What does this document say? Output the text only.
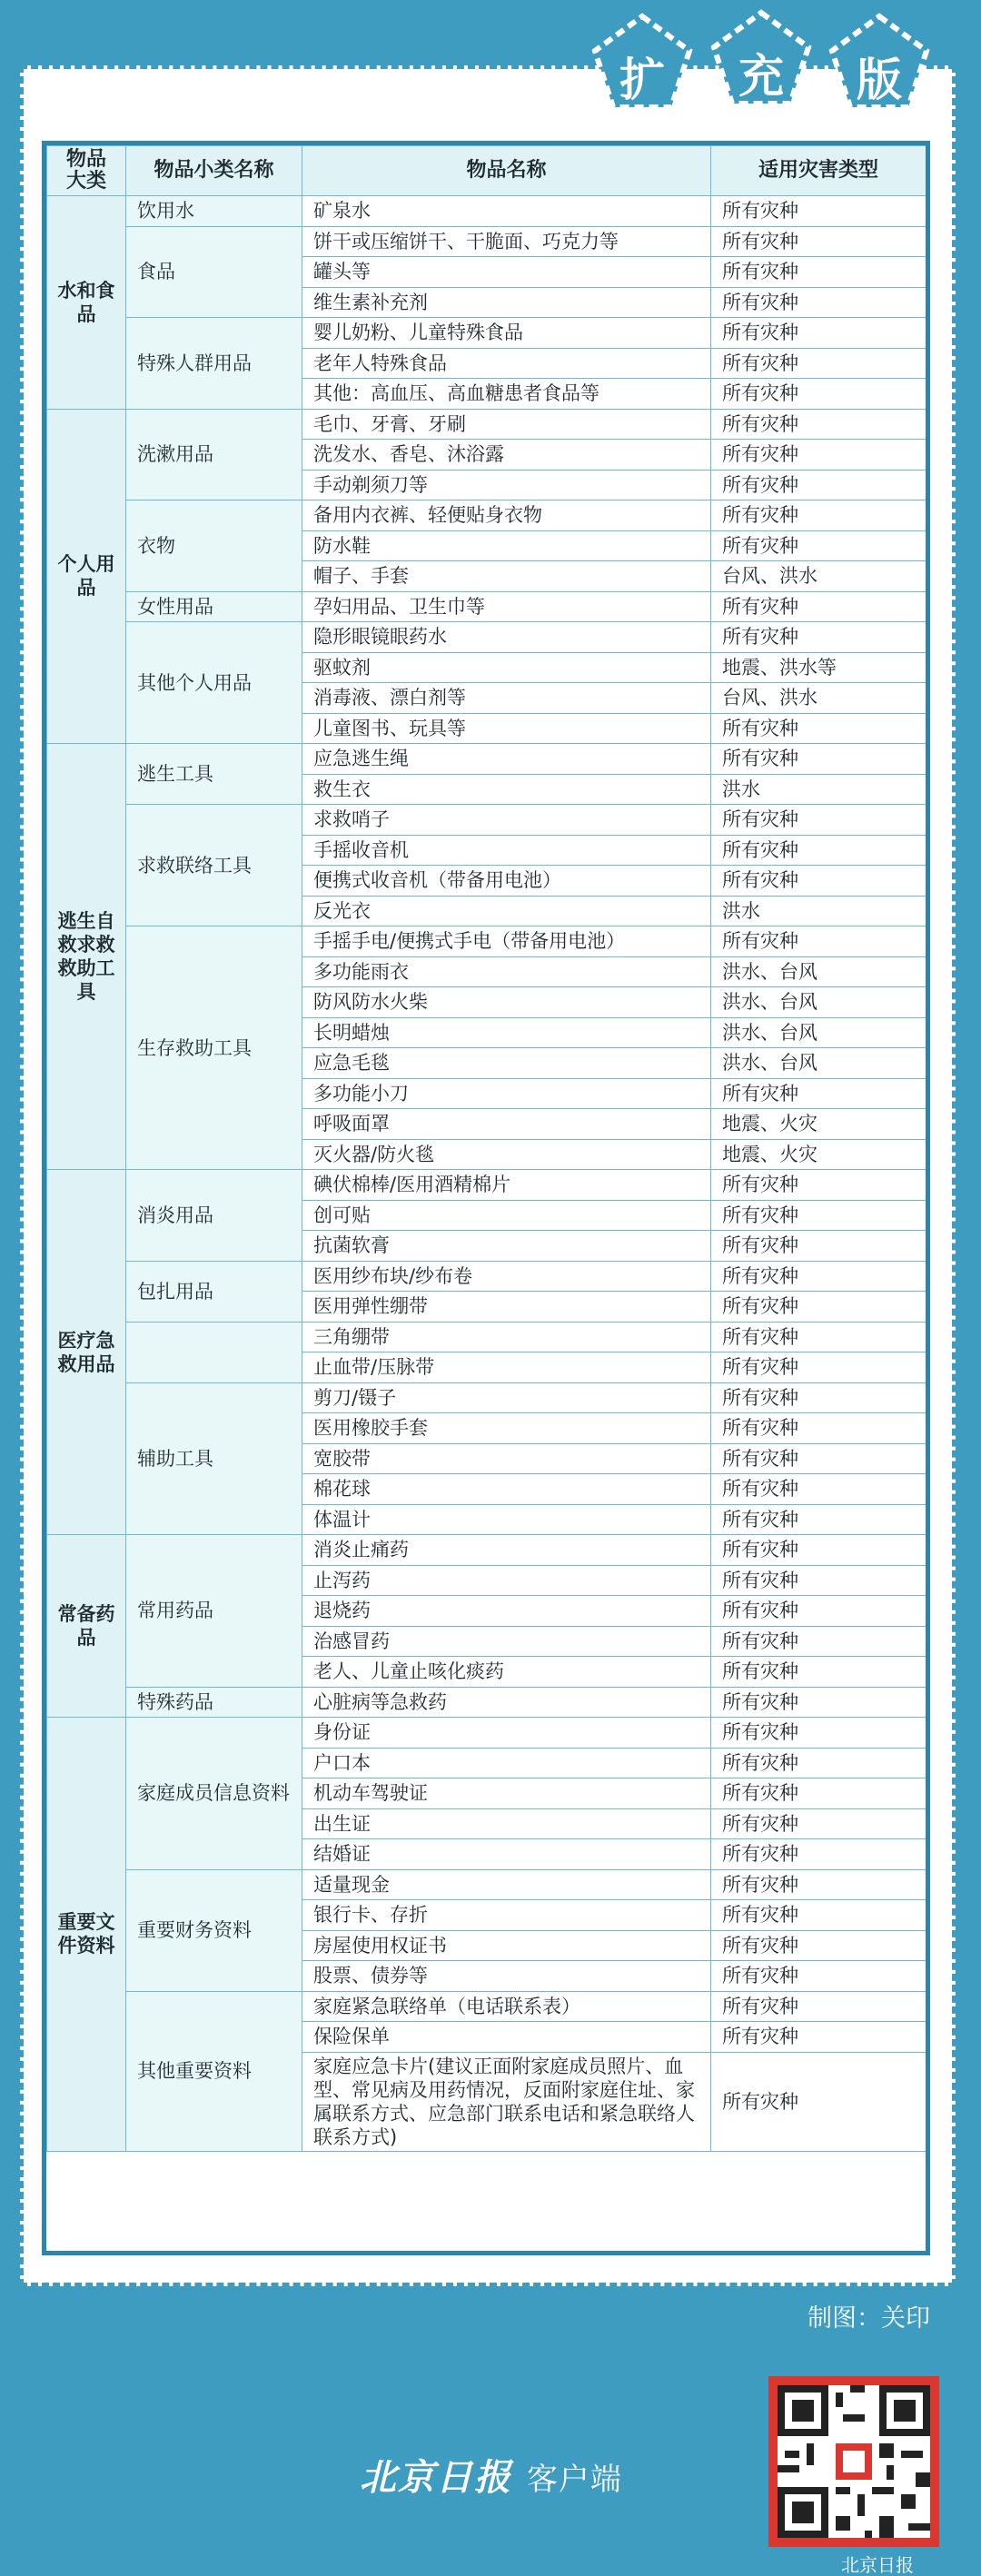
扩	充	版
物品大类	物品小类名称	物品名称	适用灾害类型
水和食品	饮用水	矿泉水	所有灾种
	食品	饼干或压缩饼干、干脆面、巧克力等	所有灾种
		罐头等	所有灾种
		维生素补充剂	所有灾种
	特殊人群用品	婴儿奶粉、儿童特殊食品	所有灾种
		老年人特殊食品	所有灾种
		其他：高血压、高血糖患者食品等	所有灾种
个人用品	洗漱用品	毛巾、牙膏、牙刷	所有灾种
		洗发水、香皂、沐浴露	所有灾种
		手动剃须刀等	所有灾种
	衣物	备用内衣裤、轻便贴身衣物	所有灾种
		防水鞋	所有灾种
		帽子、手套	台风、洪水
	女性用品	孕妇用品、卫生巾等	所有灾种
	其他个人用品	隐形眼镜眼药水	所有灾种
		驱蚊剂	地震、洪水等
		消毒液、漂白剂等	台风、洪水
		儿童图书、玩具等	所有灾种
逃生自救求救救助工具	逃生工具	应急逃生绳	所有灾种
		救生衣	洪水
	求救联络工具	求救哨子	所有灾种
		手摇收音机	所有灾种
		便携式收音机（带备用电池）	所有灾种
		反光衣	洪水
	生存救助工具	手摇手电/便携式手电（带备用电池）	所有灾种
		多功能雨衣	洪水、台风
		防风防水火柴	洪水、台风
		长明蜡烛	洪水、台风
		应急毛毯	洪水、台风
		多功能小刀	所有灾种
		呼吸面罩	地震、火灾
		灭火器/防火毯	地震、火灾
医疗急救用品	消炎用品	碘伏棉棒/医用酒精棉片	所有灾种
		创可贴	所有灾种
		抗菌软膏	所有灾种
	包扎用品	医用纱布块/纱布卷	所有灾种
		医用弹性绷带	所有灾种
		三角绷带	所有灾种
		止血带/压脉带	所有灾种
	辅助工具	剪刀/镊子	所有灾种
		医用橡胶手套	所有灾种
		宽胶带	所有灾种
		棉花球	所有灾种
		体温计	所有灾种
常备药品	常用药品	消炎止痛药	所有灾种
		止泻药	所有灾种
		退烧药	所有灾种
		治感冒药	所有灾种
		老人、儿童止咳化痰药	所有灾种
	特殊药品	心脏病等急救药	所有灾种
重要文件资料	家庭成员信息资料	身份证	所有灾种
		户口本	所有灾种
		机动车驾驶证	所有灾种
		出生证	所有灾种
		结婚证	所有灾种
	重要财务资料	适量现金	所有灾种
		银行卡、存折	所有灾种
		房屋使用权证书	所有灾种
		股票、债券等	所有灾种
	其他重要资料	家庭紧急联络单（电话联系表）	所有灾种
		保险保单	所有灾种
		家庭应急卡片(建议正面附家庭成员照片、血型、常见病及用药情况，反面附家庭住址、家属联系方式、应急部门联系电话和紧急联络人联系方式)	所有灾种
制图：关印
北京日报 客户端
北京日报
